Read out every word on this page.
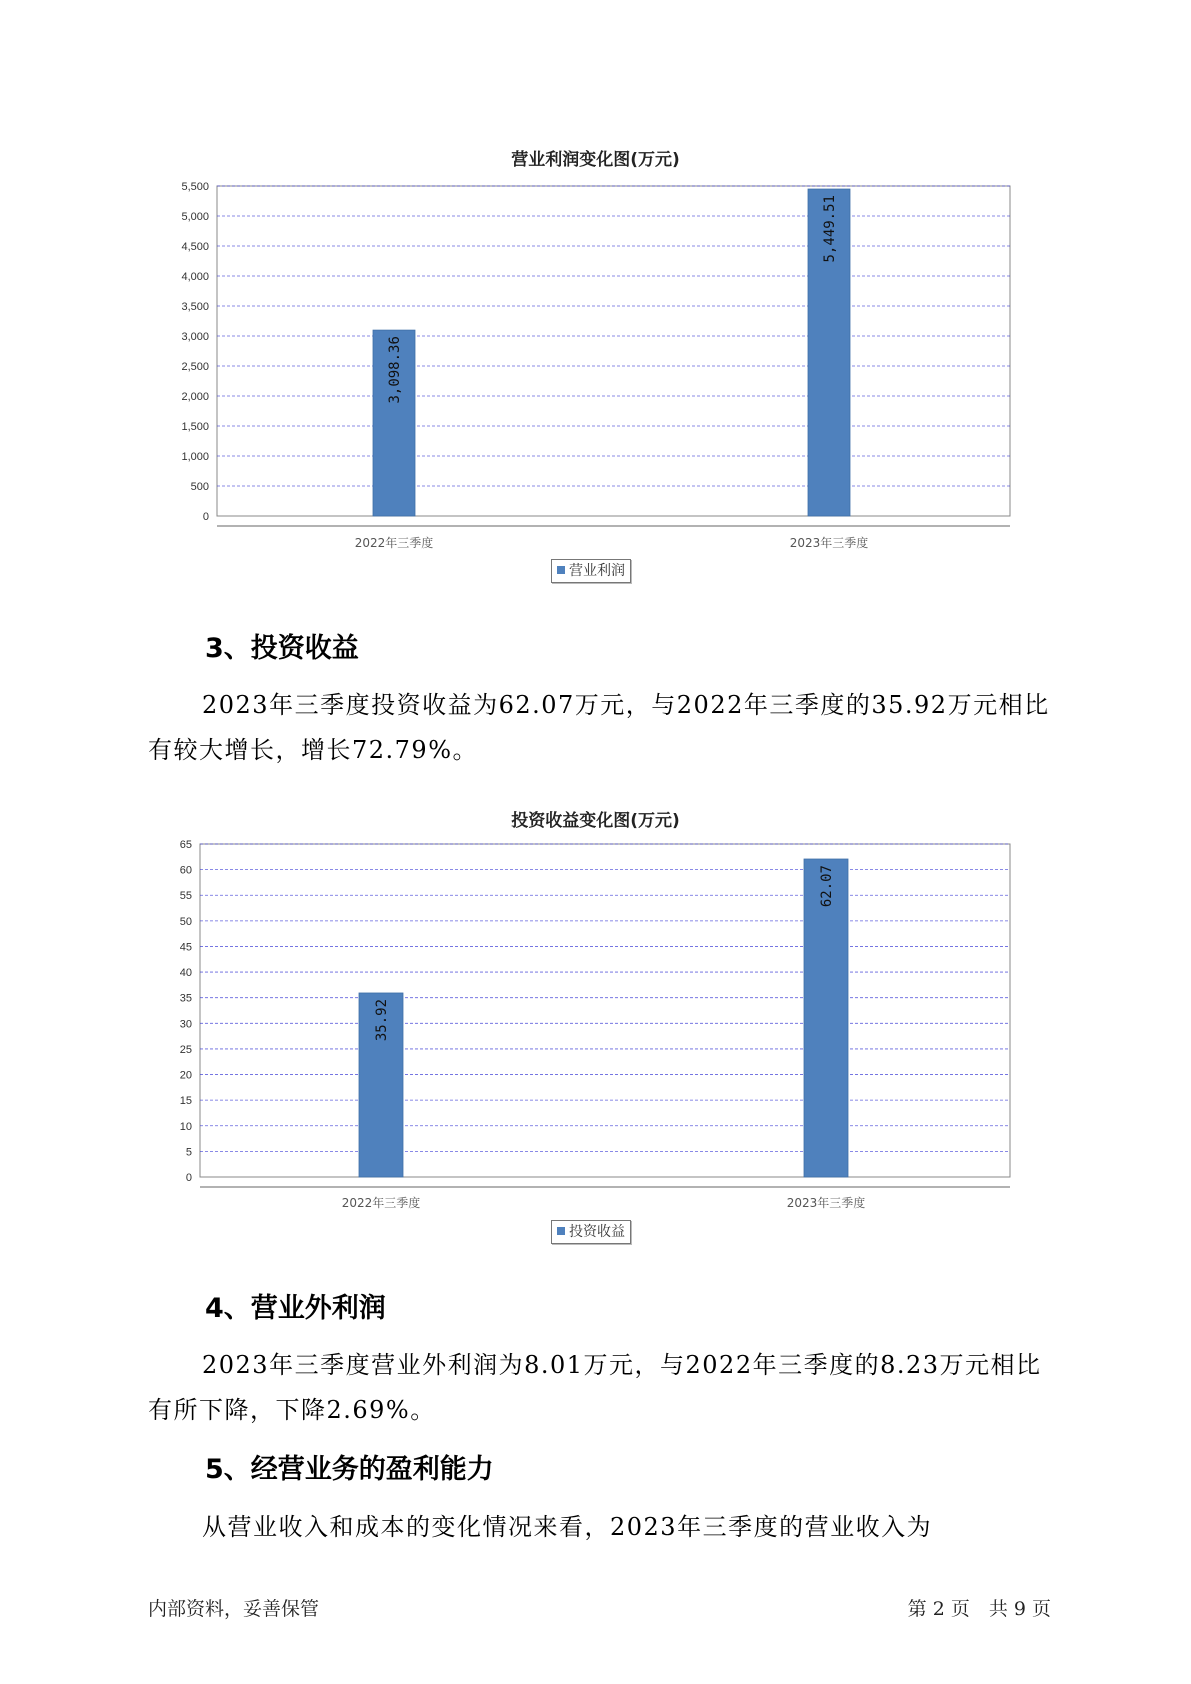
营业利润变化图(万元)
0
500
1,000
1,500
2,000
2,500
3,000
3,500
4,000
4,500
5,000
5,500
3,098.36
2022年三季度
5,449.51
2023年三季度
营业利润
3、投资收益

2023年三季度投资收益为62.07万元，与2022年三季度的35.92万元相比有较大增长，增长72.79%。

投资收益变化图(万元)
0
5
10
15
20
25
30
35
40
45
50
55
60
65
35.92
2022年三季度
62.07
2023年三季度
投资收益
4、营业外利润

2023年三季度营业外利润为8.01万元，与2022年三季度的8.23万元相比有所下降，下降2.69%。

5、经营业务的盈利能力

从营业收入和成本的变化情况来看，2023年三季度的营业收入为

内部资料，妥善保管	第 2 页　共 9 页
